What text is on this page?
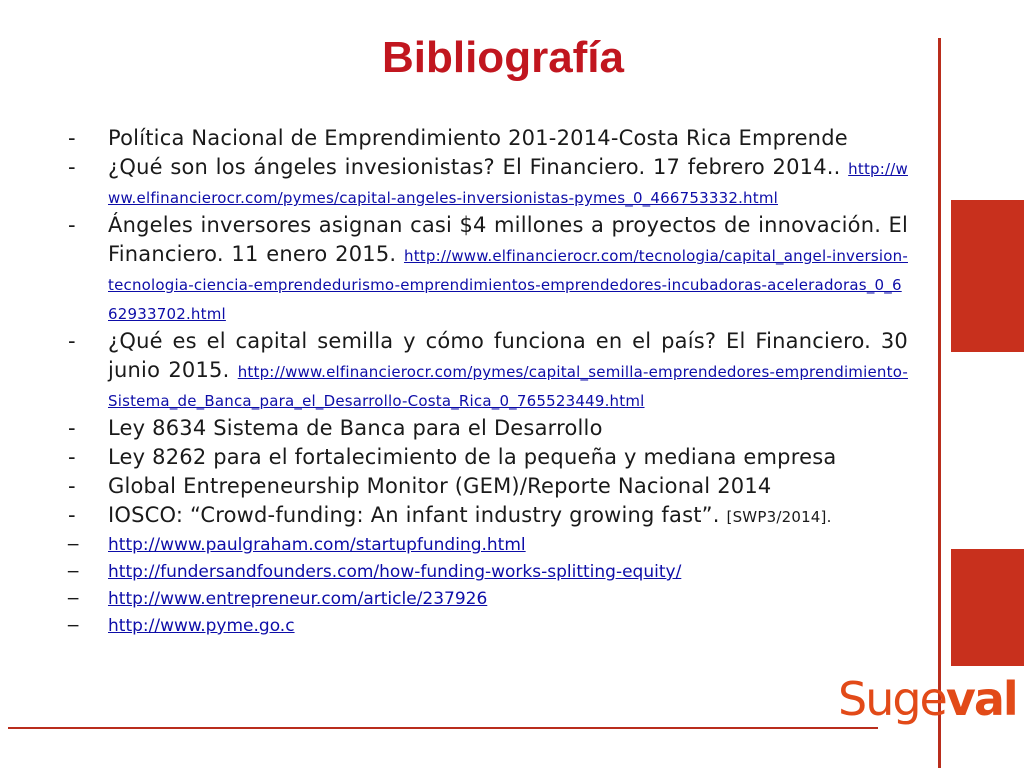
Bibliografía
- Política Nacional de Emprendimiento 201-2014-Costa Rica Emprende
- ¿Qué son los ángeles invesionistas? El Financiero. 17 febrero 2014.. http://www.elfinancierocr.com/pymes/capital-angeles-inversionistas-pymes_0_466753332.html
- Ángeles inversores asignan casi $4 millones a proyectos de innovación. El Financiero. 11 enero 2015. http://www.elfinancierocr.com/tecnologia/capital_angel-inversion-tecnologia-ciencia-emprendedurismo-emprendimientos-emprendedores-incubadoras-aceleradoras_0_662933702.html
- ¿Qué es el capital semilla y cómo funciona en el país? El Financiero. 30 junio 2015. http://www.elfinancierocr.com/pymes/capital_semilla-emprendedores-emprendimiento-Sistema_de_Banca_para_el_Desarrollo-Costa_Rica_0_765523449.html
- Ley 8634 Sistema de Banca para el Desarrollo
- Ley 8262 para el fortalecimiento de la pequeña y mediana empresa
- Global Entrepeneurship Monitor (GEM)/Reporte Nacional 2014
- IOSCO: “Crowd-funding: An infant industry growing fast”. [SWP3/2014].
− http://www.paulgraham.com/startupfunding.html
− http://fundersandfounders.com/how-funding-works-splitting-equity/
− http://www.entrepreneur.com/article/237926
− http://www.pyme.go.c
Suge val
